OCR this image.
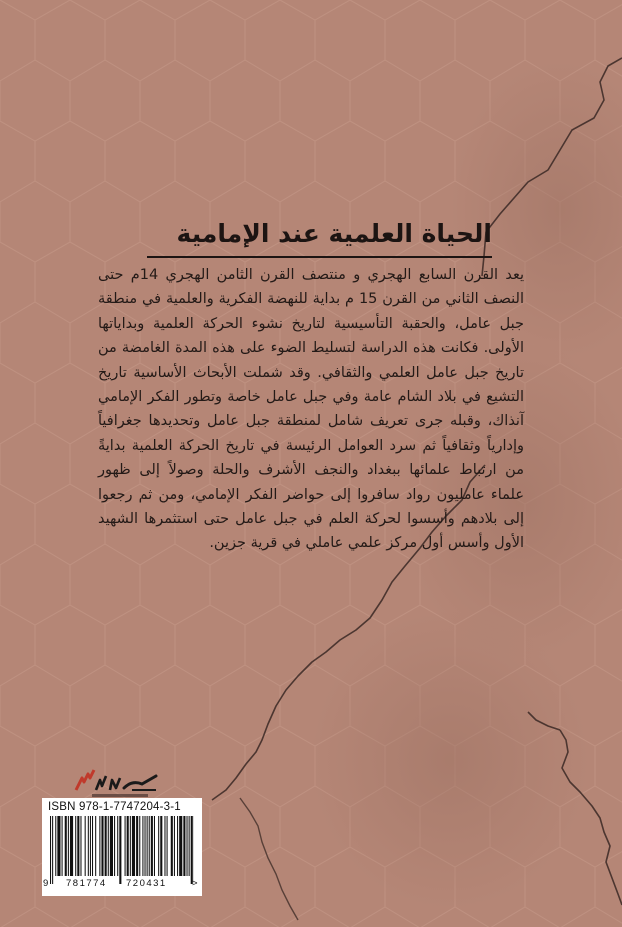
الحياة العلمية عند الإمامية

يعد القرن السابع الهجري و منتصف القرن الثامن الهجري 14م حتى النصف الثاني من القرن 15 م بداية للنهضة الفكرية والعلمية في منطقة جبل عامل، والحقبة التأسيسية لتاريخ نشوء الحركة العلمية وبداياتها الأولى. فكانت هذه الدراسة لتسليط الضوء على هذه المدة الغامضة من تاريخ جبل عامل العلمي والثقافي. وقد شملت الأبحاث الأساسية تاريخ التشيع في بلاد الشام عامة وفي جبل عامل خاصة وتطور الفكر الإمامي آنذاك، وقبله جرى تعريف شامل لمنطقة جبل عامل وتحديدها جغرافياً وإدارياً وثقافياً ثم سرد العوامل الرئيسة في تاريخ الحركة العلمية بدايةً من ارتباط علمائها ببغداد والنجف الأشرف والحلة وصولاً إلى ظهور علماء عامليون رواد سافروا إلى حواضر الفكر الإمامي، ومن ثم رجعوا إلى بلادهم وأسسوا لحركة العلم في جبل عامل حتى استثمرها الشهيد الأول وأسس أول مركز علمي عاملي في قرية جزين.

ISBN 978-1-7747204-3-1
9 781774 720431	>
